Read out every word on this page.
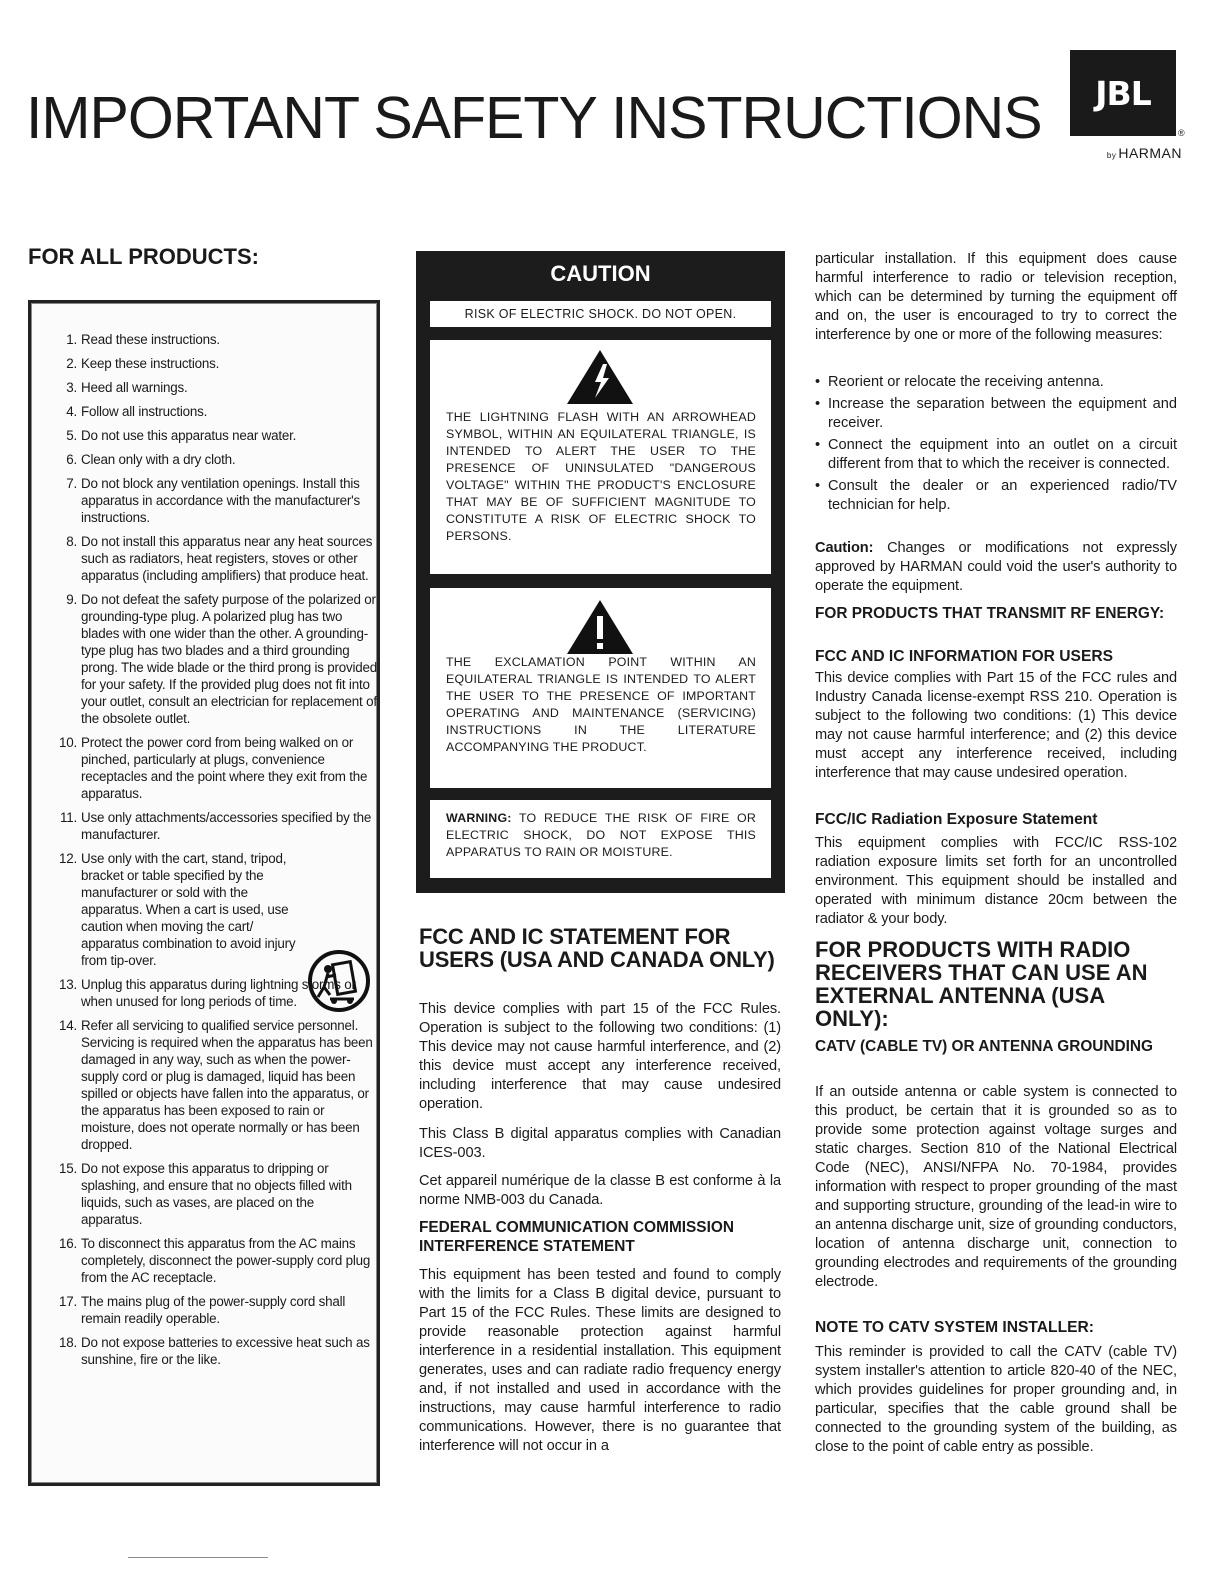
IMPORTANT SAFETY INSTRUCTIONS	JBL
®
by HARMAN
FOR ALL PRODUCTS:
1. Read these instructions.
2. Keep these instructions.
3. Heed all warnings.
4. Follow all instructions.
5. Do not use this apparatus near water.
6. Clean only with a dry cloth.
7. Do not block any ventilation openings. Install this apparatus in accordance with the manufacturer's instructions.
8. Do not install this apparatus near any heat sources such as radiators, heat registers, stoves or other apparatus (including amplifiers) that produce heat.
9. Do not defeat the safety purpose of the polarized or grounding-type plug. A polarized plug has two blades with one wider than the other. A grounding-type plug has two blades and a third grounding prong. The wide blade or the third prong is provided for your safety. If the provided plug does not fit into your outlet, consult an electrician for replacement of the obsolete outlet.
10. Protect the power cord from being walked on or pinched, particularly at plugs, convenience receptacles and the point where they exit from the apparatus.
11. Use only attachments/accessories specified by the manufacturer.
12. Use only with the cart, stand, tripod, bracket or table specified by the manufacturer or sold with the apparatus. When a cart is used, use caution when moving the cart/ apparatus combination to avoid injury from tip-over.
13. Unplug this apparatus during lightning storms or when unused for long periods of time.
14. Refer all servicing to qualified service personnel. Servicing is required when the apparatus has been damaged in any way, such as when the power-supply cord or plug is damaged, liquid has been spilled or objects have fallen into the apparatus, or the apparatus has been exposed to rain or moisture, does not operate normally or has been dropped.
15. Do not expose this apparatus to dripping or splashing, and ensure that no objects filled with liquids, such as vases, are placed on the apparatus.
16. To disconnect this apparatus from the AC mains completely, disconnect the power-supply cord plug from the AC receptacle.
17. The mains plug of the power-supply cord shall remain readily operable.
18. Do not expose batteries to excessive heat such as sunshine, fire or the like.
CAUTION
RISK OF ELECTRIC SHOCK. DO NOT OPEN.
THE LIGHTNING FLASH WITH AN ARROWHEAD SYMBOL, WITHIN AN EQUILATERAL TRIANGLE, IS INTENDED TO ALERT THE USER TO THE PRESENCE OF UNINSULATED "DANGEROUS VOLTAGE" WITHIN THE PRODUCT'S ENCLOSURE THAT MAY BE OF SUFFICIENT MAGNITUDE TO CONSTITUTE A RISK OF ELECTRIC SHOCK TO PERSONS.
THE EXCLAMATION POINT WITHIN AN EQUILATERAL TRIANGLE IS INTENDED TO ALERT THE USER TO THE PRESENCE OF IMPORTANT OPERATING AND MAINTENANCE (SERVICING) INSTRUCTIONS IN THE LITERATURE ACCOMPANYING THE PRODUCT.
WARNING: TO REDUCE THE RISK OF FIRE OR ELECTRIC SHOCK, DO NOT EXPOSE THIS APPARATUS TO RAIN OR MOISTURE.
FCC AND IC STATEMENT FOR USERS (USA AND CANADA ONLY)

This device complies with part 15 of the FCC Rules. Operation is subject to the following two conditions: (1) This device may not cause harmful interference, and (2) this device must accept any interference received, including interference that may cause undesired operation.

This Class B digital apparatus complies with Canadian ICES-003.

Cet appareil numérique de la classe B est conforme à la norme NMB-003 du Canada.

FEDERAL COMMUNICATION COMMISSION INTERFERENCE STATEMENT

This equipment has been tested and found to comply with the limits for a Class B digital device, pursuant to Part 15 of the FCC Rules. These limits are designed to provide reasonable protection against harmful interference in a residential installation. This equipment generates, uses and can radiate radio frequency energy and, if not installed and used in accordance with the instructions, may cause harmful interference to radio communications. However, there is no guarantee that interference will not occur in a

particular installation. If this equipment does cause harmful interference to radio or television reception, which can be determined by turning the equipment off and on, the user is encouraged to try to correct the interference by one or more of the following measures:

• Reorient or relocate the receiving antenna.
• Increase the separation between the equipment and receiver.
• Connect the equipment into an outlet on a circuit different from that to which the receiver is connected.
• Consult the dealer or an experienced radio/TV technician for help.

Caution: Changes or modifications not expressly approved by HARMAN could void the user's authority to operate the equipment.

FOR PRODUCTS THAT TRANSMIT RF ENERGY:
FCC AND IC INFORMATION FOR USERS

This device complies with Part 15 of the FCC rules and Industry Canada license-exempt RSS 210. Operation is subject to the following two conditions: (1) This device may not cause harmful interference; and (2) this device must accept any interference received, including interference that may cause undesired operation.

FCC/IC Radiation Exposure Statement

This equipment complies with FCC/IC RSS-102 radiation exposure limits set forth for an uncontrolled environment. This equipment should be installed and operated with minimum distance 20cm between the radiator & your body.

FOR PRODUCTS WITH RADIO RECEIVERS THAT CAN USE AN EXTERNAL ANTENNA (USA ONLY):
CATV (CABLE TV) OR ANTENNA GROUNDING

If an outside antenna or cable system is connected to this product, be certain that it is grounded so as to provide some protection against voltage surges and static charges. Section 810 of the National Electrical Code (NEC), ANSI/NFPA No. 70-1984, provides information with respect to proper grounding of the mast and supporting structure, grounding of the lead-in wire to an antenna discharge unit, size of grounding conductors, location of antenna discharge unit, connection to grounding electrodes and requirements of the grounding electrode.

NOTE TO CATV SYSTEM INSTALLER:

This reminder is provided to call the CATV (cable TV) system installer's attention to article 820-40 of the NEC, which provides guidelines for proper grounding and, in particular, specifies that the cable ground shall be connected to the grounding system of the building, as close to the point of cable entry as possible.
